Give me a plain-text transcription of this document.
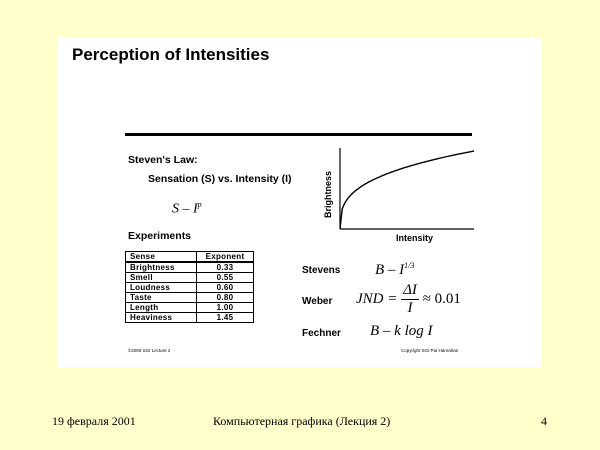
Perception of Intensities
Steven's Law:
Sensation (S) vs. Intensity (I)
S – $I^p$	Brightness
Intensity
Experiments
Sense	Exponent
Brightness	0.33
Smell	0.55
Loudness	0.60
Taste	0.80
Length	1.00
Heaviness	1.45
Stevens B – $I^{1/3}$
Weber JND = $\frac{\Delta I}{I} \approx 0.01$
Fechner B – k log I
©2000 SGI Lecture 2	Copyright SGI Pat Hanrahan
19 февраля 2001	Компьютерная графика (Лекция 2)	4
